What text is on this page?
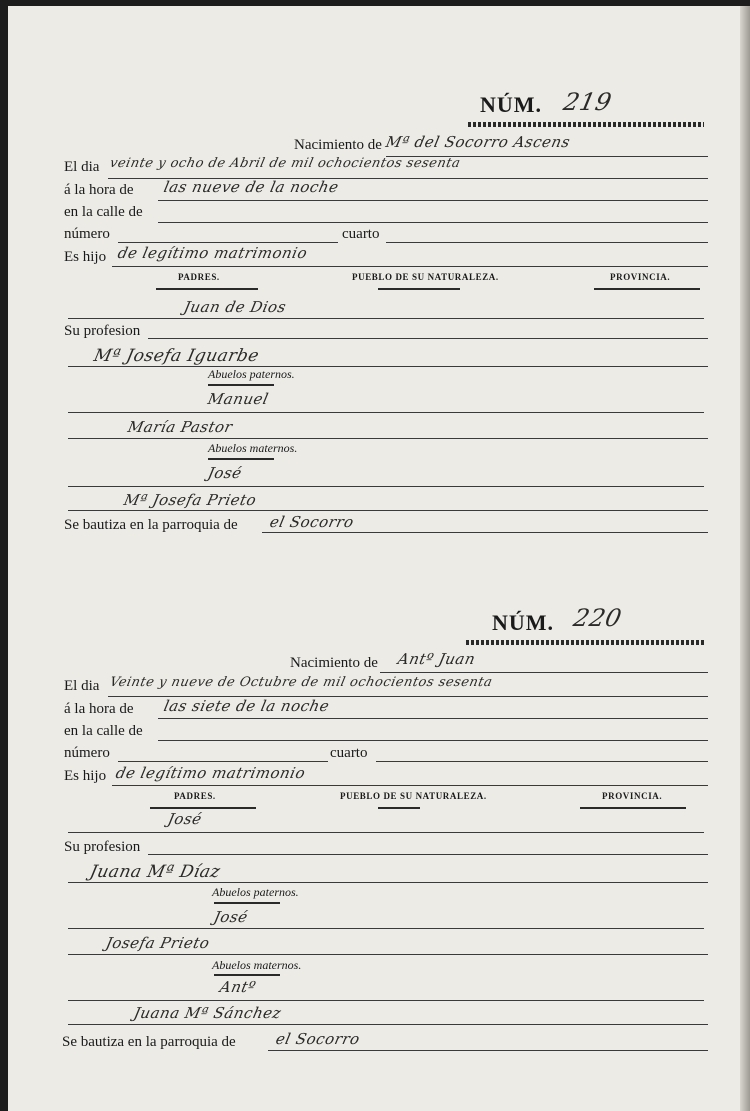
NÚM. 219
Nacimiento de Mª del Socorro Ascens
El dia veinte y ocho de Abril de mil ochocientos sesenta
á la hora de las nueve de la noche
en la calle de
número	cuarto
Es hijo de legítimo matrimonio
PADRES.	PUEBLO DE SU NATURALEZA.	PROVINCIA.
Juan de Dios
Su profesion
Mª Josefa Iguarbe
Abuelos paternos.
Manuel
María Pastor
Abuelos maternos.
José
Mª Josefa Prieto
Se bautiza en la parroquia de el Socorro
NÚM. 220
Nacimiento de Antº Juan
El dia Veinte y nueve de Octubre de mil ochocientos sesenta
á la hora de las siete de la noche
en la calle de
número	cuarto
Es hijo de legítimo matrimonio
PADRES.	PUEBLO DE SU NATURALEZA.	PROVINCIA.
José
Su profesion
Juana Mª Díaz
Abuelos paternos.
José
Josefa Prieto
Abuelos maternos.
Antº
Juana Mª Sánchez
Se bautiza en la parroquia de	el Socorro
